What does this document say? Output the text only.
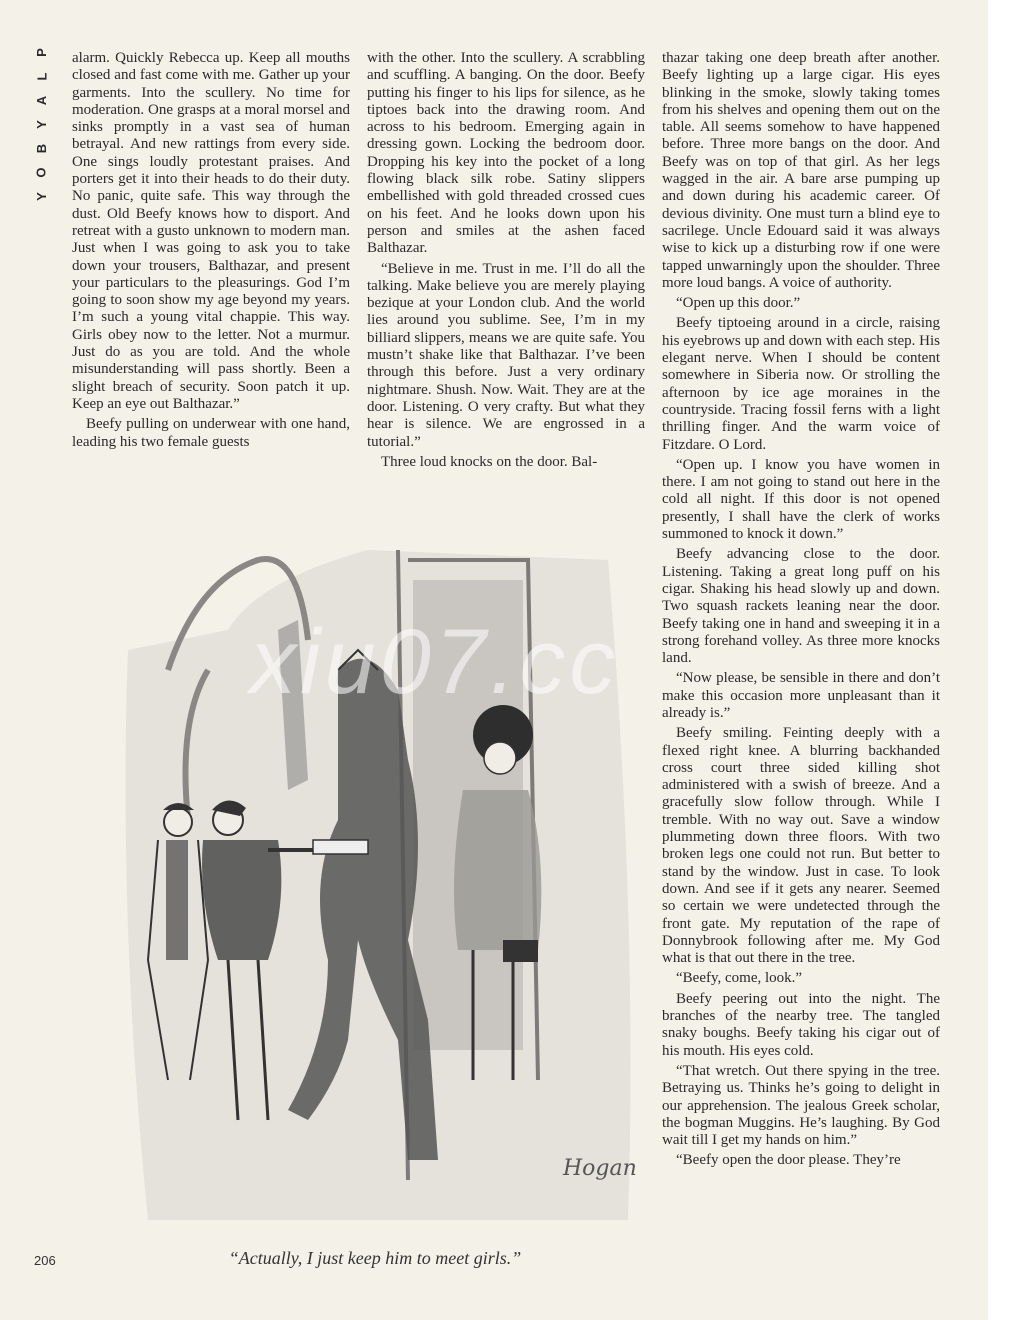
P
L
A
Y
B
O
Y

alarm. Quickly Rebecca up. Keep all mouths closed and fast come with me. Gather up your garments. Into the scullery. No time for moderation. One grasps at a moral morsel and sinks promptly in a vast sea of human betrayal. And new rattings from every side. One sings loudly protestant praises. And porters get it into their heads to do their duty. No panic, quite safe. This way through the dust. Old Beefy knows how to disport. And retreat with a gusto unknown to modern man. Just when I was going to ask you to take down your trousers, Balthazar, and present your particulars to the pleasurings. God I’m going to soon show my age beyond my years. I’m such a young vital chappie. This way. Girls obey now to the letter. Not a murmur. Just do as you are told. And the whole misunderstanding will pass shortly. Been a slight breach of security. Soon patch it up. Keep an eye out Balthazar.”

Beefy pulling on underwear with one hand, leading his two female guests

with the other. Into the scullery. A scrabbling and scuffling. A banging. On the door. Beefy putting his finger to his lips for silence, as he tiptoes back into the drawing room. And across to his bedroom. Emerging again in dressing gown. Locking the bedroom door. Dropping his key into the pocket of a long flowing black silk robe. Satiny slippers embellished with gold threaded crossed cues on his feet. And he looks down upon his person and smiles at the ashen faced Balthazar.

“Believe in me. Trust in me. I’ll do all the talking. Make believe you are merely playing bezique at your London club. And the world lies around you sublime. See, I’m in my billiard slippers, means we are quite safe. You mustn’t shake like that Balthazar. I’ve been through this before. Just a very ordinary nightmare. Shush. Now. Wait. They are at the door. Listening. O very crafty. But what they hear is silence. We are engrossed in a tutorial.”

Three loud knocks on the door. Bal-

thazar taking one deep breath after another. Beefy lighting up a large cigar. His eyes blinking in the smoke, slowly taking tomes from his shelves and opening them out on the table. All seems somehow to have happened before. Three more bangs on the door. And Beefy was on top of that girl. As her legs wagged in the air. A bare arse pumping up and down during his academic career. Of devious divinity. One must turn a blind eye to sacrilege. Uncle Edouard said it was always wise to kick up a disturbing row if one were tapped unwarningly upon the shoulder. Three more loud bangs. A voice of authority.

“Open up this door.”

Beefy tiptoeing around in a circle, raising his eyebrows up and down with each step. His elegant nerve. When I should be content somewhere in Siberia now. Or strolling the afternoon by ice age moraines in the countryside. Tracing fossil ferns with a light thrilling finger. And the warm voice of Fitzdare. O Lord.

“Open up. I know you have women in there. I am not going to stand out here in the cold all night. If this door is not opened presently, I shall have the clerk of works summoned to knock it down.”

Beefy advancing close to the door. Listening. Taking a great long puff on his cigar. Shaking his head slowly up and down. Two squash rackets leaning near the door. Beefy taking one in hand and sweeping it in a strong forehand volley. As three more knocks land.

“Now please, be sensible in there and don’t make this occasion more unpleasant than it already is.”

Beefy smiling. Feinting deeply with a flexed right knee. A blurring backhanded cross court three sided killing shot administered with a swish of breeze. And a gracefully slow follow through. While I tremble. With no way out. Save a window plummeting down three floors. With two broken legs one could not run. But better to stand by the window. Just in case. To look down. And see if it gets any nearer. Seemed so certain we were undetected through the front gate. My reputation of the rape of Donnybrook following after me. My God what is that out there in the tree.

“Beefy, come, look.”

Beefy peering out into the night. The branches of the nearby tree. The tangled snaky boughs. Beefy taking his cigar out of his mouth. His eyes cold.

“That wretch. Out there spying in the tree. Betraying us. Thinks he’s going to delight in our apprehension. The jealous Greek scholar, the bogman Muggins. He’s laughing. By God wait till I get my hands on him.”

“Beefy open the door please. They’re

Hogan
xiu07.cc
“Actually, I just keep him to meet girls.”
206
